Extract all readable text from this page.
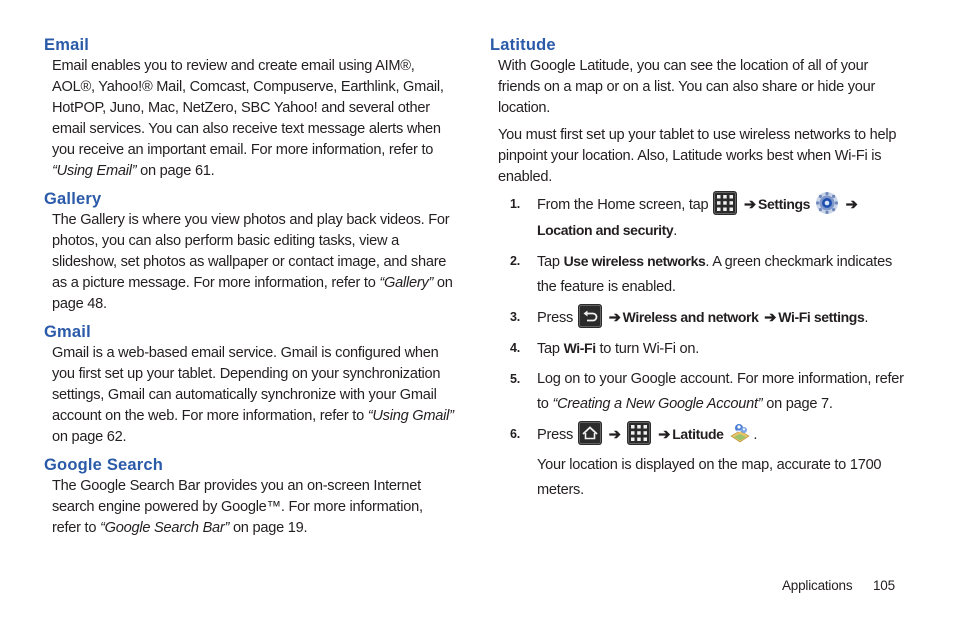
Email

Email enables you to review and create email using AIM®, AOL®, Yahoo!® Mail, Comcast, Compuserve, Earthlink, Gmail, HotPOP, Juno, Mac, NetZero, SBC Yahoo! and several other email services. You can also receive text message alerts when you receive an important email. For more information, refer to “Using Email” on page 61.

Gallery

The Gallery is where you view photos and play back videos. For photos, you can also perform basic editing tasks, view a slideshow, set photos as wallpaper or contact image, and share as a picture message. For more information, refer to “Gallery” on page 48.

Gmail

Gmail is a web-based email service. Gmail is configured when you first set up your tablet. Depending on your synchronization settings, Gmail can automatically synchronize with your Gmail account on the web. For more information, refer to “Using Gmail” on page 62.

Google Search

The Google Search Bar provides you an on-screen Internet search engine powered by Google™. For more information, refer to “Google Search Bar” on page 19.

Latitude

With Google Latitude, you can see the location of all of your friends on a map or on a list. You can also share or hide your location.

You must first set up your tablet to use wireless networks to help pinpoint your location. Also, Latitude works best when Wi-Fi is enabled.

1. From the Home screen, tap ➔ Settings ➔
Location and security.
2. Tap Use wireless networks. A green checkmark indicates the feature is enabled.
3. Press ➔ Wireless and network ➔ Wi-Fi settings.
4. Tap Wi-Fi to turn Wi-Fi on.
5. Log on to your Google account. For more information, refer to “Creating a New Google Account” on page 7.
6. Press ➔	➔ Latitude .
Your location is displayed on the map, accurate to 1700 meters.
Applications 105
